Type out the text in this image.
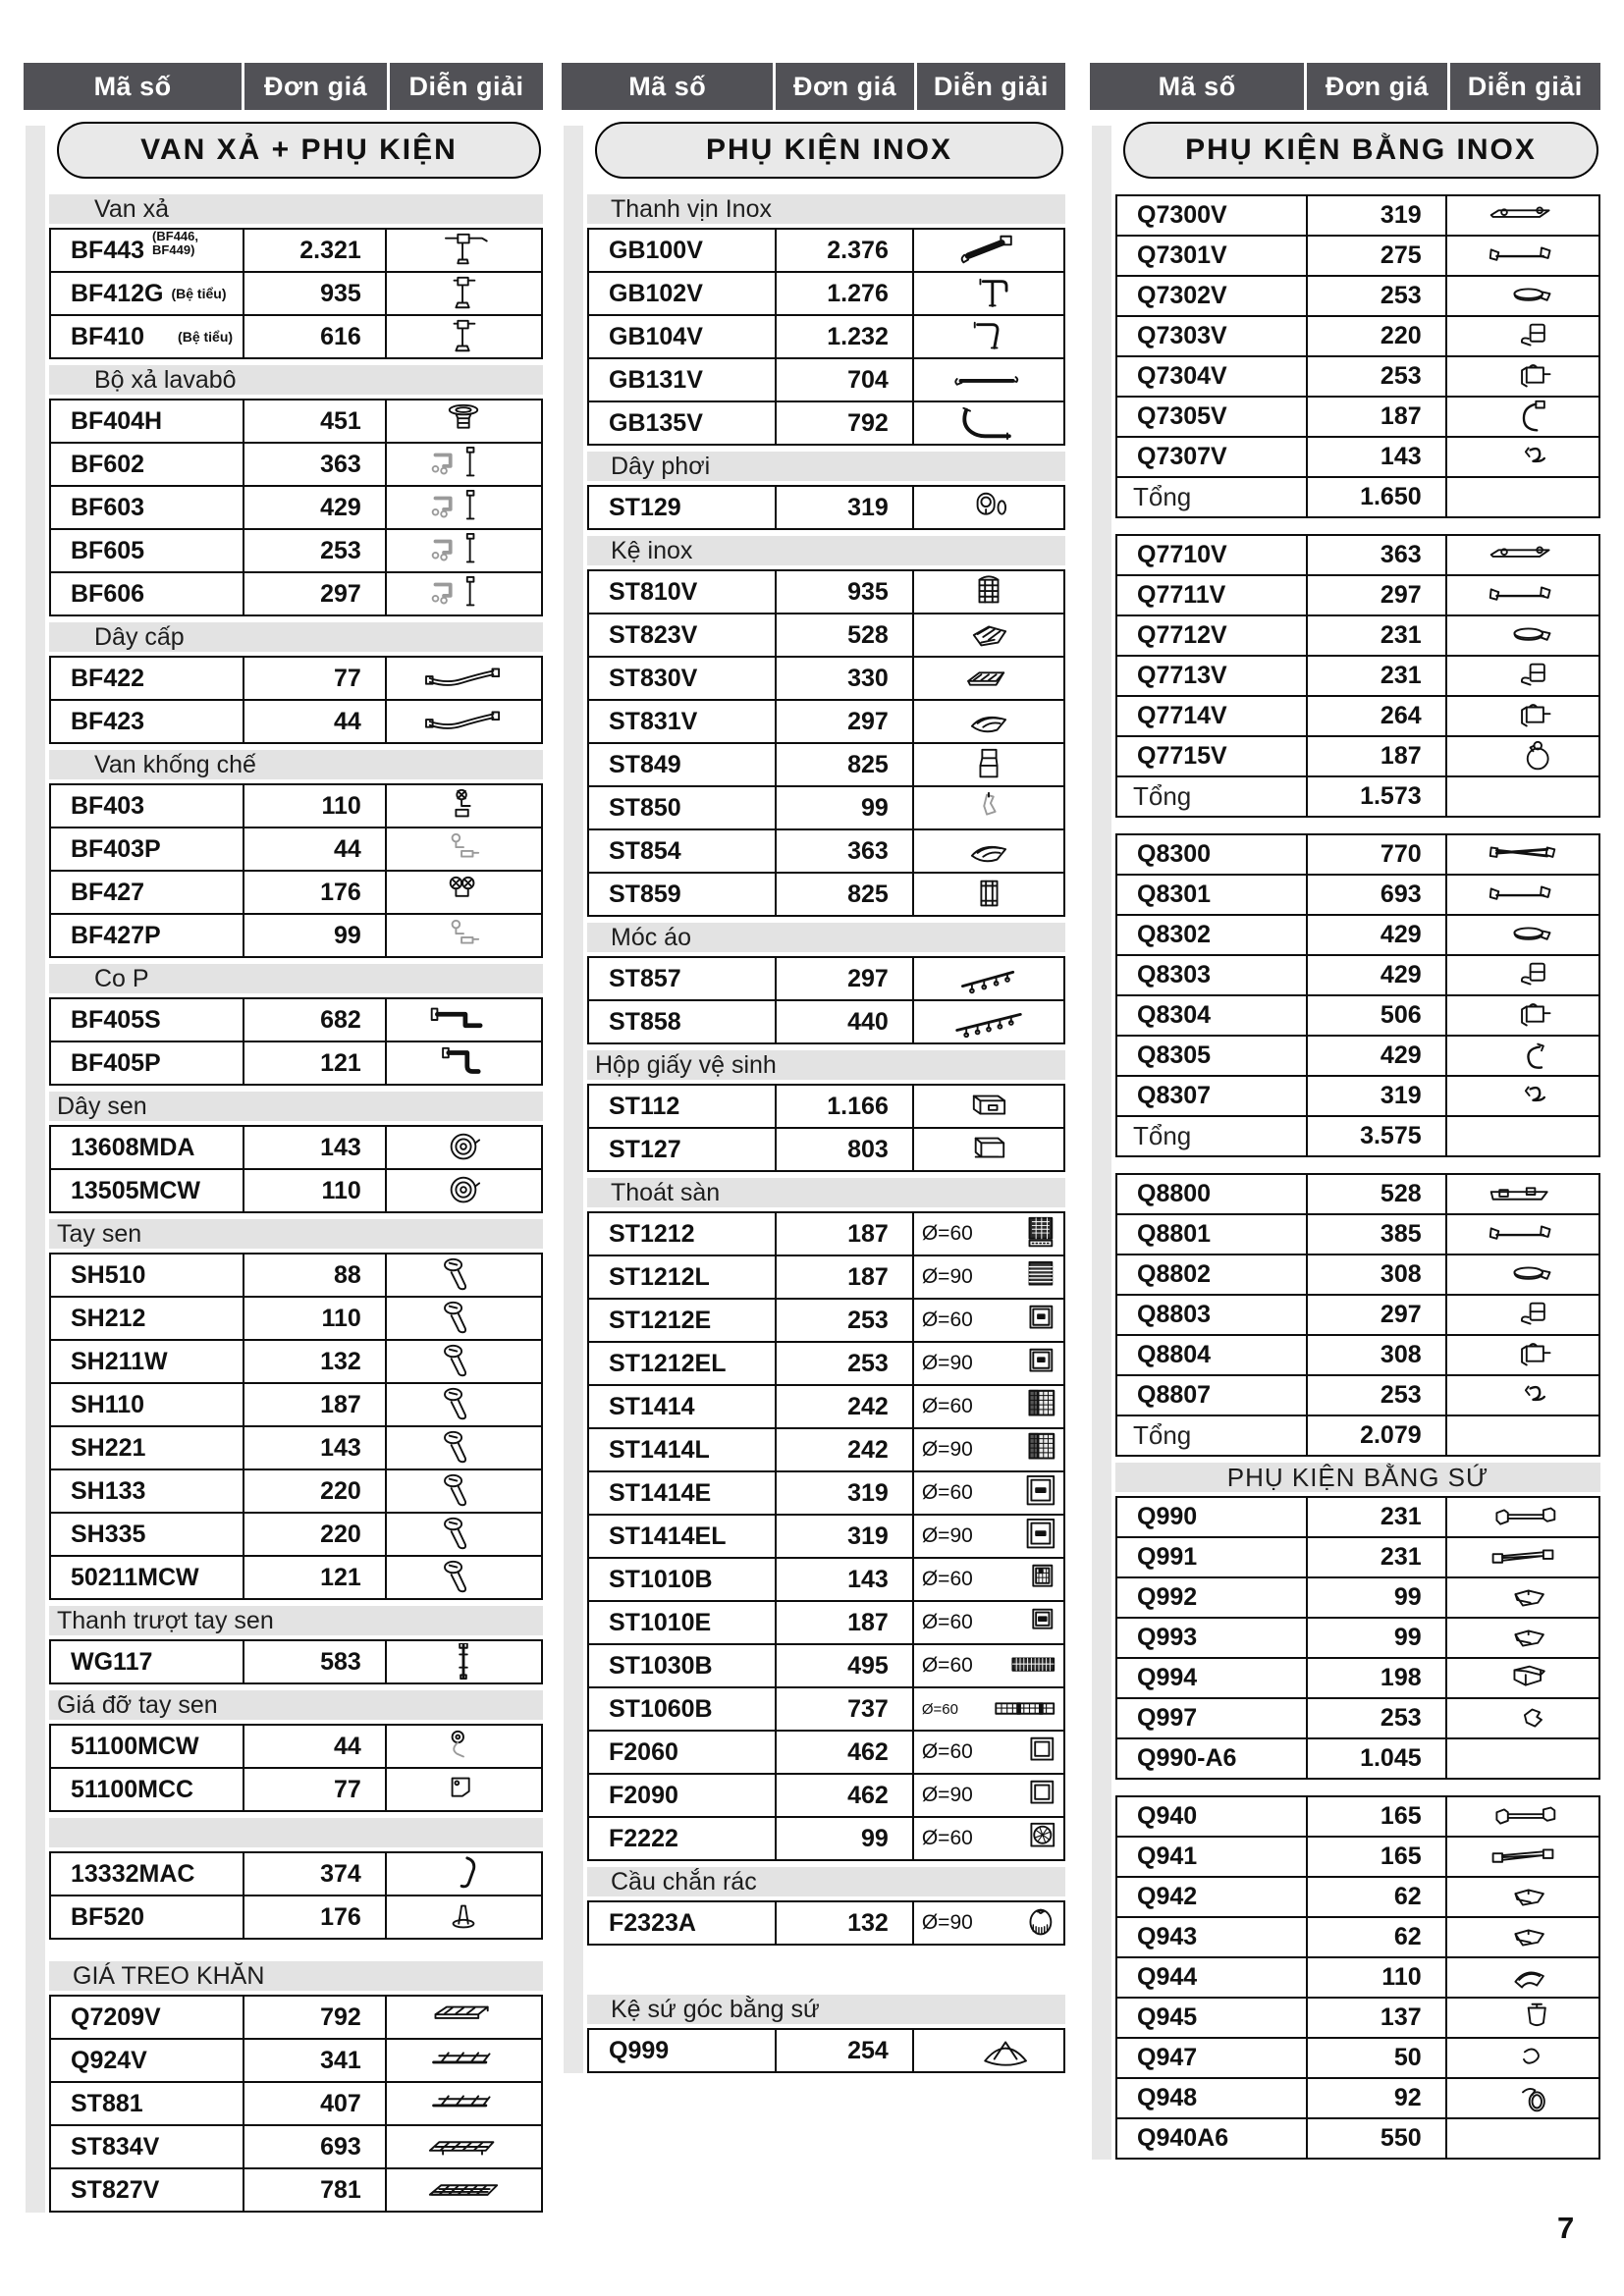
Mã số	Đơn giá	Diễn giải
VAN XẢ + PHỤ KIỆN
Van xả
BF443 (BF446, BF449)	2.321
BF412G (Bệ tiểu)	935
BF410 (Bệ tiểu)	616
Bộ xả lavabô
BF404H	451
BF602	363
BF603	429
BF605	253
BF606	297
Dây cấp
BF422	77
BF423	44
Van khống chế
BF403	110
BF403P	44
BF427	176
BF427P	99
Co P
BF405S	682
BF405P	121
Dây sen
13608MDA	143
13505MCW	110
Tay sen
SH510	88
SH212	110
SH211W	132
SH110	187
SH221	143
SH133	220
SH335	220
50211MCW	121
Thanh trượt tay sen
WG117	583
Giá đỡ tay sen
51100MCW	44
51100MCC	77
13332MAC	374
BF520	176
GIÁ TREO KHĂN
Q7209V	792
Q924V	341
ST881	407
ST834V	693
ST827V	781
Mã số	Đơn giá	Diễn giải
PHỤ KIỆN INOX
Thanh vịn Inox
GB100V	2.376
GB102V	1.276
GB104V	1.232
GB131V	704
GB135V	792
Dây phơi
ST129	319
Kệ inox
ST810V	935
ST823V	528
ST830V	330
ST831V	297
ST849	825
ST850	99
ST854	363
ST859	825
Móc áo
ST857	297
ST858	440
Hộp giấy vệ sinh
ST112	1.166
ST127	803
Thoát sàn
ST1212	187	Ø=60
ST1212L	187	Ø=90
ST1212E	253	Ø=60
ST1212EL	253	Ø=90
ST1414	242	Ø=60
ST1414L	242	Ø=90
ST1414E	319	Ø=60
ST1414EL	319	Ø=90
ST1010B	143	Ø=60
ST1010E	187	Ø=60
ST1030B	495	Ø=60
ST1060B	737	Ø=60
F2060	462	Ø=60
F2090	462	Ø=90
F2222	99	Ø=60
Cầu chắn rác
F2323A	132	Ø=90
Kệ sứ góc bằng sứ
Q999	254
Mã số	Đơn giá	Diễn giải
PHỤ KIỆN BẰNG INOX
Q7300V	319
Q7301V	275
Q7302V	253
Q7303V	220
Q7304V	253
Q7305V	187
Q7307V	143
Tổng	1.650
Q7710V	363
Q7711V	297
Q7712V	231
Q7713V	231
Q7714V	264
Q7715V	187
Tổng	1.573
Q8300	770
Q8301	693
Q8302	429
Q8303	429
Q8304	506
Q8305	429
Q8307	319
Tổng	3.575
Q8800	528
Q8801	385
Q8802	308
Q8803	297
Q8804	308
Q8807	253
Tổng	2.079
PHỤ KIỆN BẰNG SỨ
Q990	231
Q991	231
Q992	99
Q993	99
Q994	198
Q997	253
Q990-A6	1.045
Q940	165
Q941	165
Q942	62
Q943	62
Q944	110
Q945	137
Q947	50
Q948	92
Q940A6	550
7
